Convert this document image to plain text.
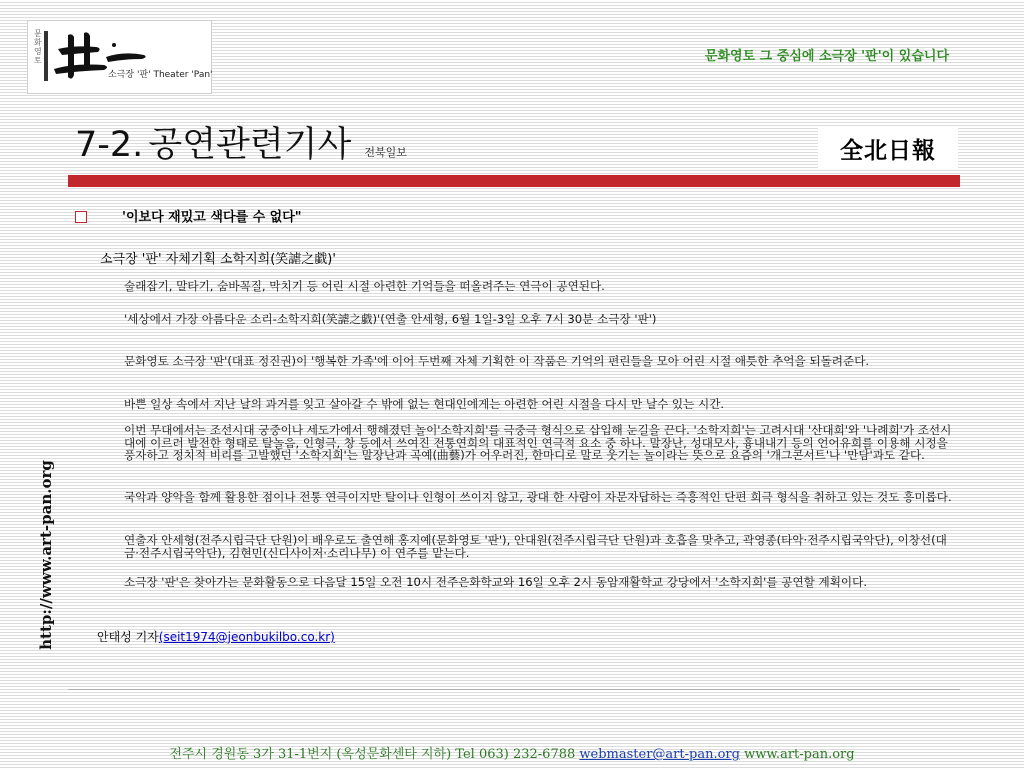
문화영토
소극장 '판' Theater 'Pan'
문화영토 그 중심에 소극장 '판'이 있습니다
7-2. 공연관련기사 전북일보	全北日報
'이보다 재밌고 색다를 수 없다"
소극장 '판' 자체기획 소학지희(笑謔之戱)'
술래잡기, 말타기, 숨바꼭질, 막치기 등 어린 시절 아련한 기억들을 떠올려주는 연극이 공연된다.
'세상에서 가장 아름다운 소리-소학지희(笑謔之戱)'(연출 안세형, 6월 1일-3일 오후 7시 30분 소극장 '판')
문화영토 소극장 '판'(대표 정진권)이 '행복한 가족'에 이어 두번째 자체 기획한 이 작품은 기억의 편린들을 모아 어린 시절 애틋한 추억을 되돌려준다.
바쁜 일상 속에서 지난 날의 과거를 잊고 살아갈 수 밖에 없는 현대인에게는 아련한 어린 시절을 다시 만 날수 있는 시간.
이번 무대에서는 조선시대 궁중이나 세도가에서 행해졌던 놀이'소학지희'를 극중극 형식으로 삽입해 눈길을 끈다. '소학지희'는 고려시대 '산대희'와 '나례희'가 조선시대에 이르러 발전한 형태로 탈놀음, 인형극, 창 등에서 쓰여진 전통연희의 대표적인 연극적 요소 중 하나. 말장난, 성대모사, 흉내내기 등의 언어유희를 이용해 시정을 풍자하고 정치적 비리를 고발했던 '소학지희'는 말장난과 곡예(曲藝)가 어우러진, 한마디로 말로 웃기는 놀이라는 뜻으로 요즘의 '개그콘서트'나 '만담'과도 같다.
국악과 양악을 함께 활용한 점이나 전통 연극이지만 탈이나 인형이 쓰이지 않고, 광대 한 사람이 자문자답하는 즉흥적인 단편 희극 형식을 취하고 있는 것도 흥미롭다.
연출자 안세형(전주시립극단 단원)이 배우로도 출연해 홍지예(문화영토 '판'), 안대원(전주시립극단 단원)과 호흡을 맞추고, 곽영종(타악·전주시립국악단), 이창선(대금·전주시립국악단), 김현민(신디사이저·소리나무) 이 연주를 맡는다.
소극장 '판'은 찾아가는 문화활동으로 다음달 15일 오전 10시 전주은화학교와 16일 오후 2시 동암재활학교 강당에서 '소학지희'를 공연할 계획이다.
http://www.art-pan.org	안태성 기자(seit1974@jeonbukilbo.co.kr)
전주시 경원동 3가 31-1번지 (옥성문화센타 지하) Tel 063) 232-6788 webmaster@art-pan.org www.art-pan.org
